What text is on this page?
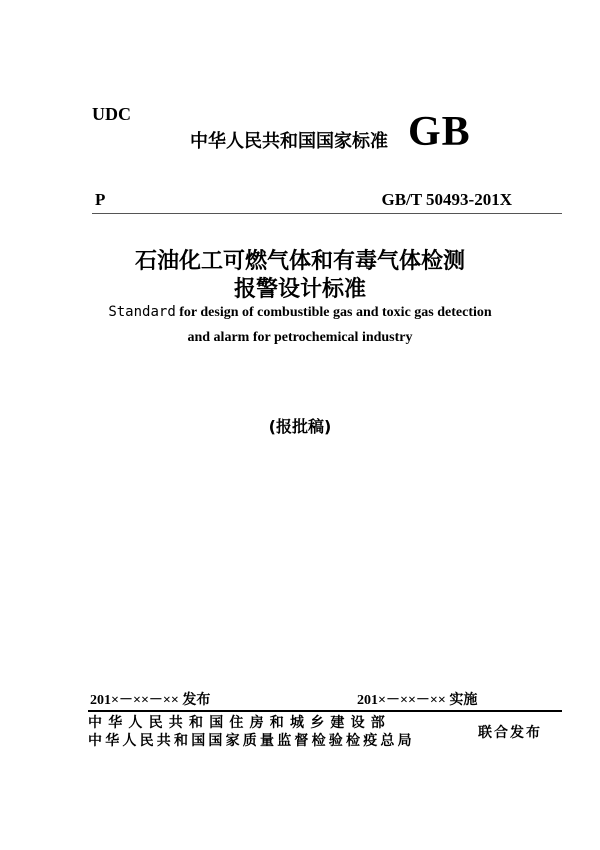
UDC
中华人民共和国国家标准 GB
P	GB/T 50493-201X
石油化工可燃气体和有毒气体检测
报警设计标准
Standard for design of combustible gas and toxic gas detection
and alarm for petrochemical industry
(报批稿)
201×－××－×× 发布	201×－××－×× 实施
中华人民共和国住房和城乡建设部
中华人民共和国国家质量监督检验检疫总局	联合发布
